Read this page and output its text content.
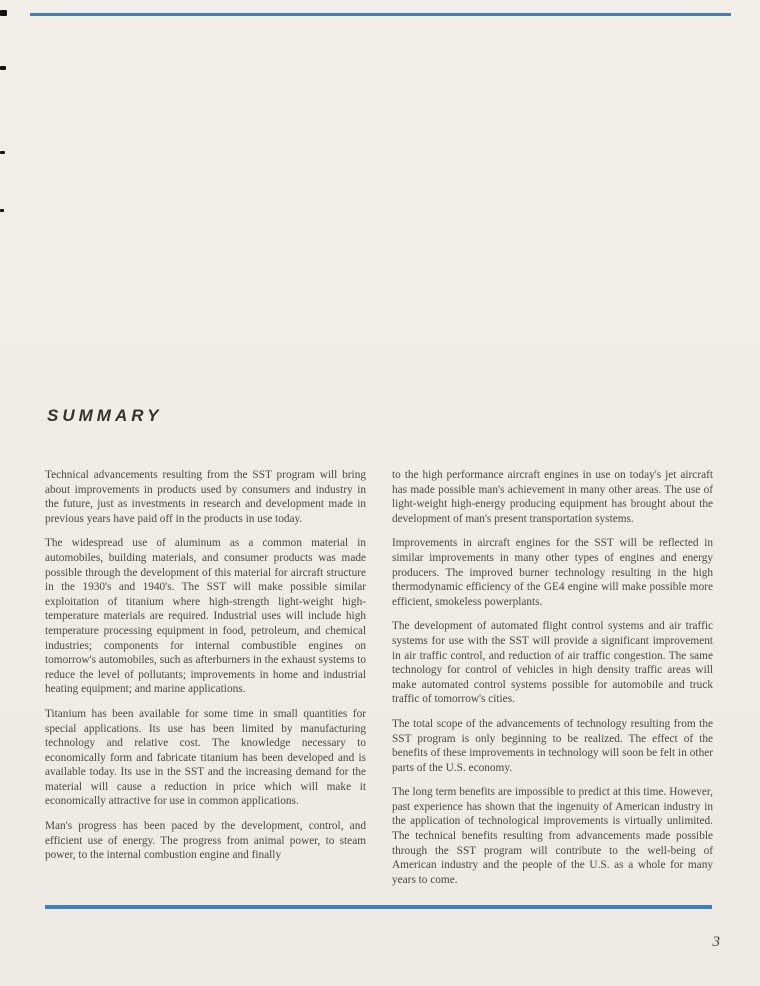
SUMMARY

Technical advancements resulting from the SST program will bring about improvements in products used by consumers and industry in the future, just as investments in research and development made in previous years have paid off in the products in use today.

The widespread use of aluminum as a common material in automobiles, building materials, and consumer products was made possible through the development of this material for aircraft structure in the 1930's and 1940's. The SST will make possible similar exploitation of titanium where high-strength light-weight high-temperature materials are required. Industrial uses will include high temperature processing equipment in food, petroleum, and chemical industries; components for internal combustible engines on tomorrow's automobiles, such as afterburners in the exhaust systems to reduce the level of pollutants; improvements in home and industrial heating equipment; and marine applications.

Titanium has been available for some time in small quantities for special applications. Its use has been limited by manufacturing technology and relative cost. The knowledge necessary to economically form and fabricate titanium has been developed and is available today. Its use in the SST and the increasing demand for the material will cause a reduction in price which will make it economically attractive for use in common applications.

Man's progress has been paced by the development, control, and efficient use of energy. The progress from animal power, to steam power, to the internal combustion engine and finally

to the high performance aircraft engines in use on today's jet aircraft has made possible man's achievement in many other areas. The use of light-weight high-energy producing equipment has brought about the development of man's present transportation systems.

Improvements in aircraft engines for the SST will be reflected in similar improvements in many other types of engines and energy producers. The improved burner technology resulting in the high thermodynamic efficiency of the GE4 engine will make possible more efficient, smokeless powerplants.

The development of automated flight control systems and air traffic systems for use with the SST will provide a significant improvement in air traffic control, and reduction of air traffic congestion. The same technology for control of vehicles in high density traffic areas will make automated control systems possible for automobile and truck traffic of tomorrow's cities.

The total scope of the advancements of technology resulting from the SST program is only beginning to be realized. The effect of the benefits of these improvements in technology will soon be felt in other parts of the U.S. economy.

The long term benefits are impossible to predict at this time. However, past experience has shown that the ingenuity of American industry in the application of technological improvements is virtually unlimited. The technical benefits resulting from advancements made possible through the SST program will contribute to the well-being of American industry and the people of the U.S. as a whole for many years to come.

3
